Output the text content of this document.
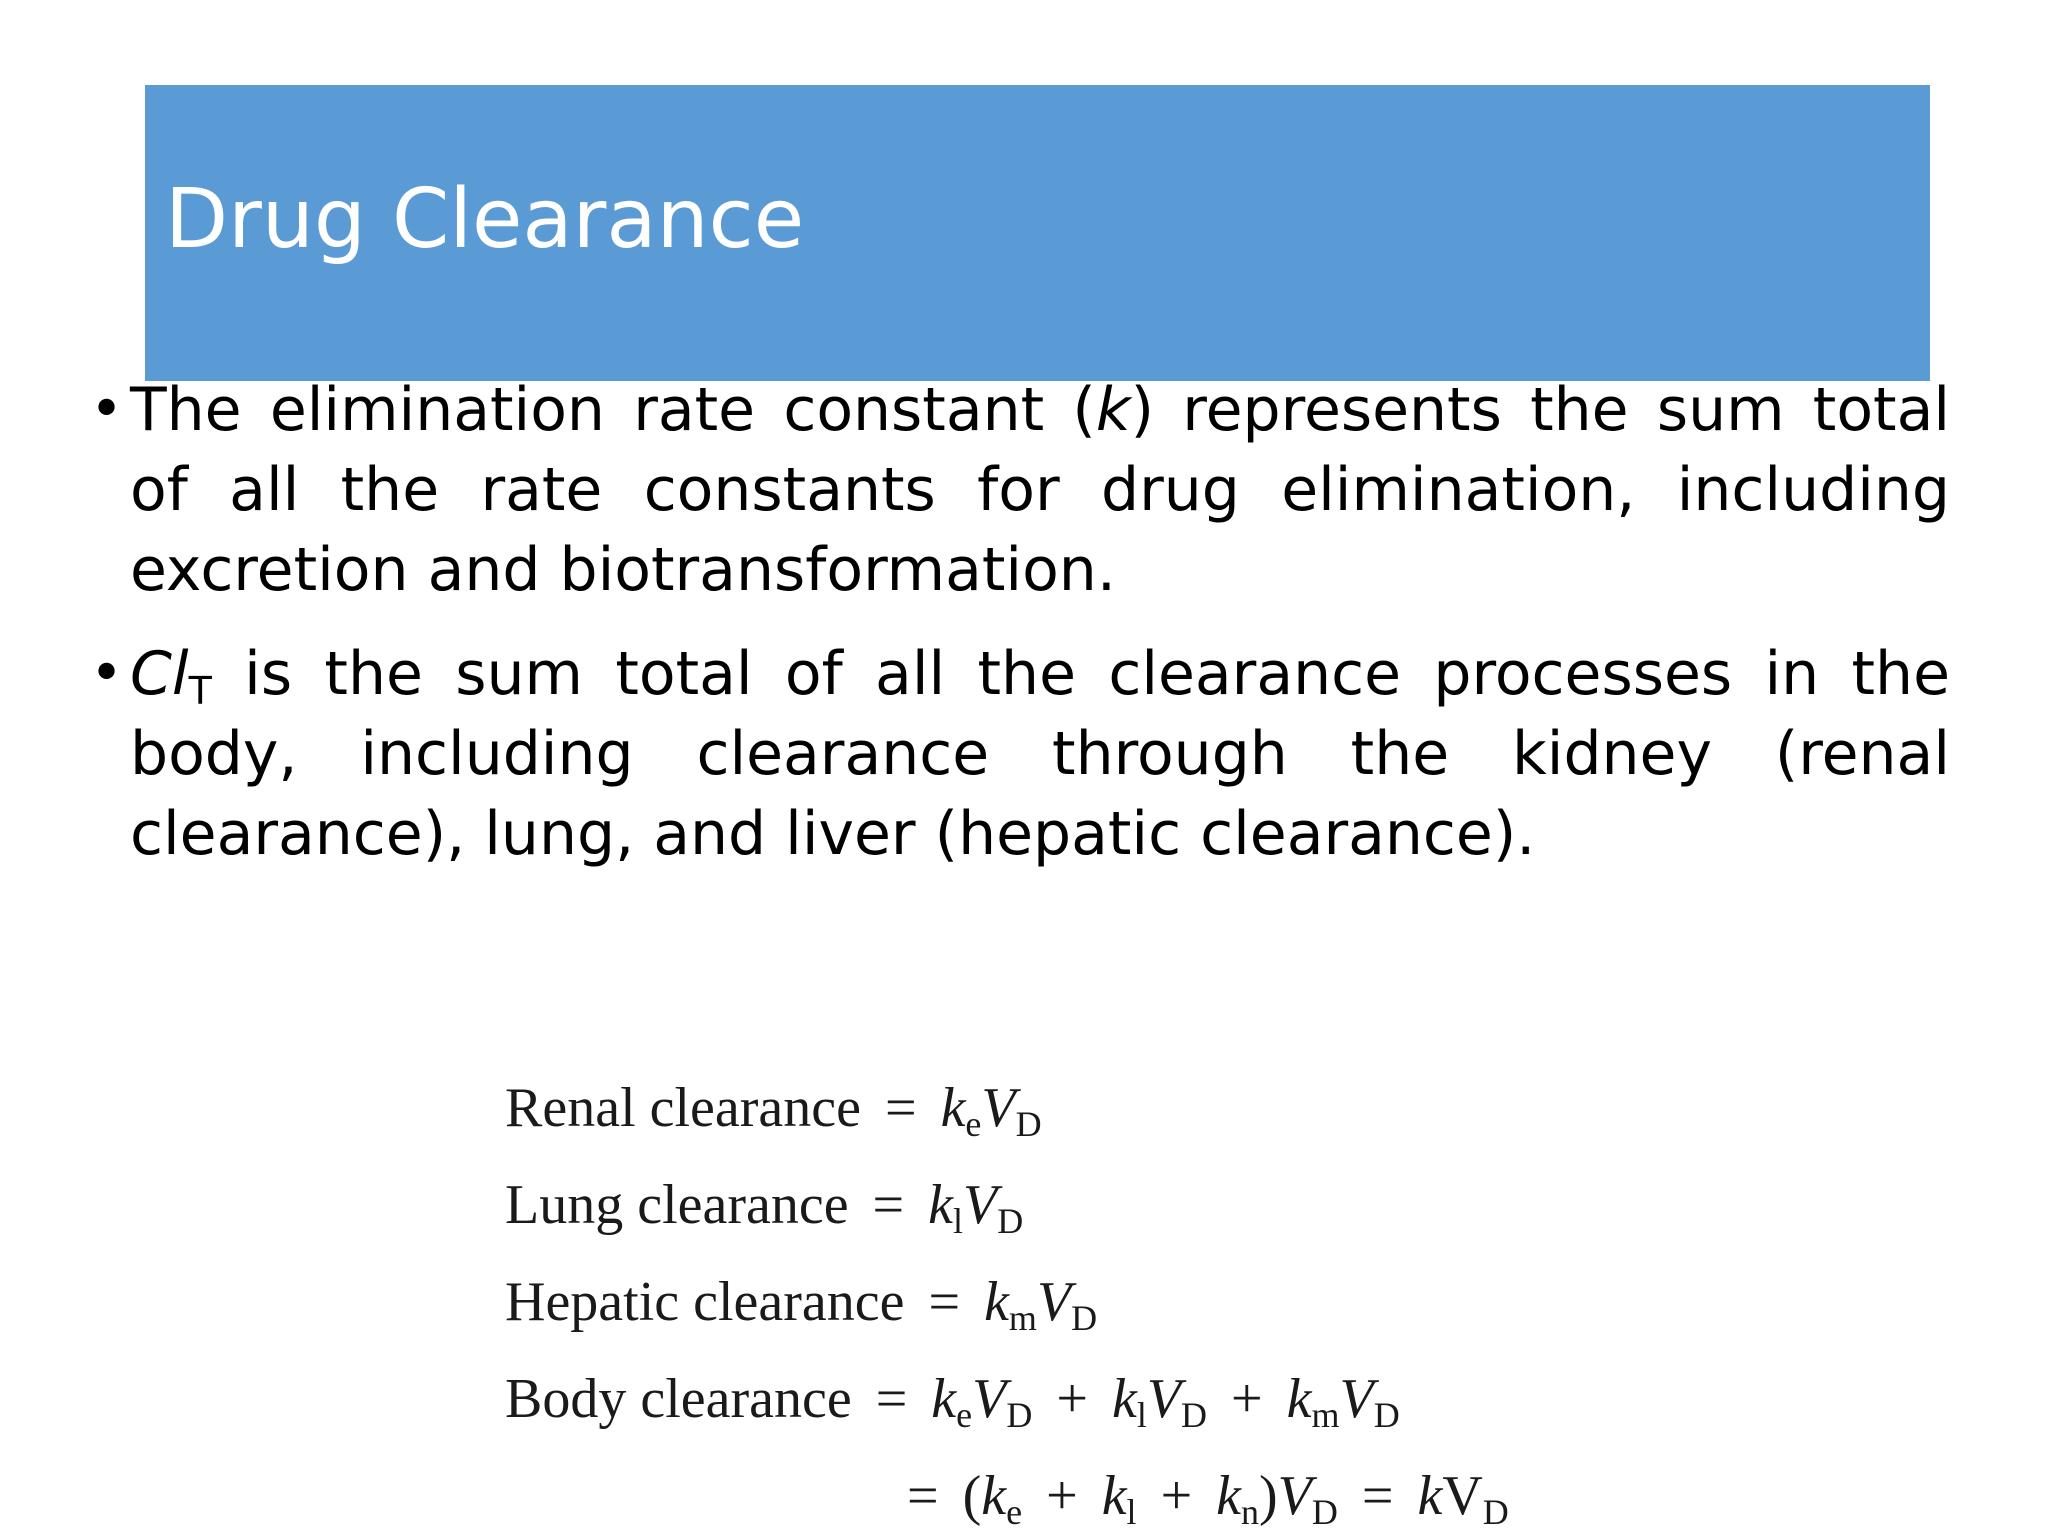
Drug Clearance
• The elimination rate constant (k) represents the sum total of all the rate constants for drug elimination, including excretion and biotransformation.
• $Cl_T$ is the sum total of all the clearance processes in the body, including clearance through the kidney (renal clearance), lung, and liver (hepatic clearance).
Renal clearance = keVD
Lung clearance = klVD
Hepatic clearance = kmVD
Body clearance = keVD + klVD + kmVD
= (ke + kl + kn)VD = kVD
